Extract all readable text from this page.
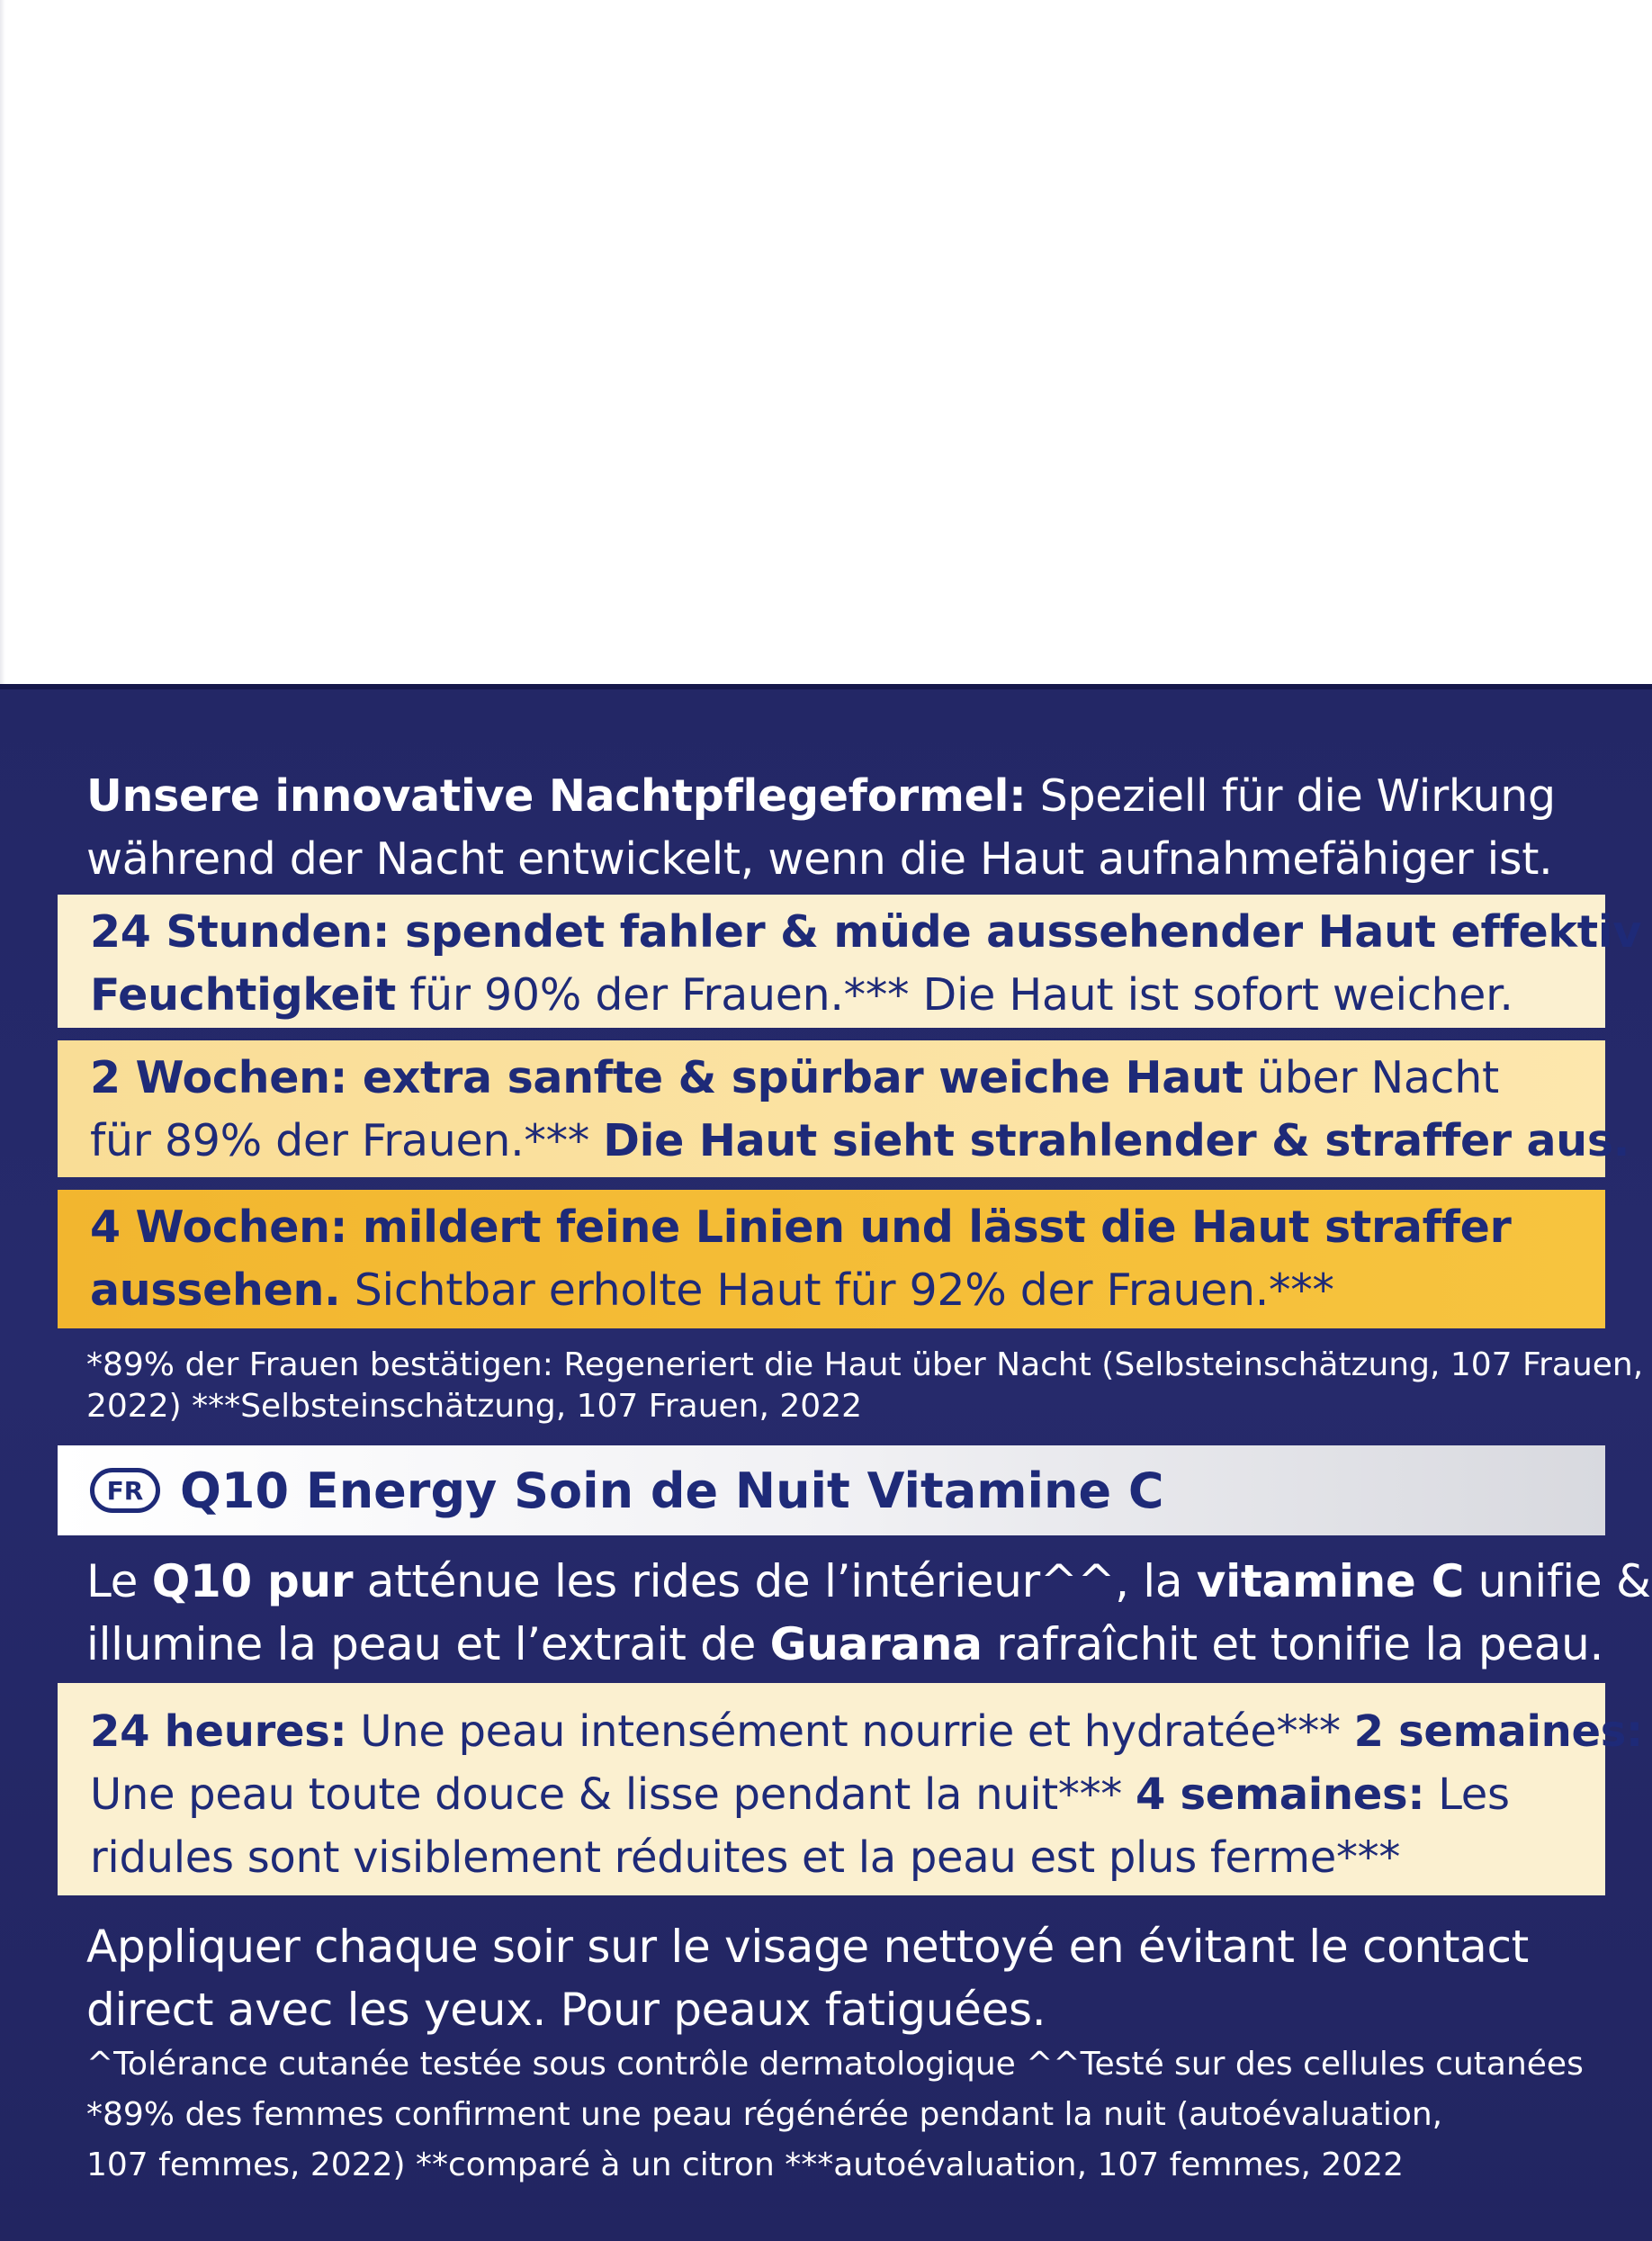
Unsere innovative Nachtpflegeformel: Speziell für die Wirkung
während der Nacht entwickelt, wenn die Haut aufnahmefähiger ist.
24 Stunden: spendet fahler & müde aussehender Haut effektiv
Feuchtigkeit für 90% der Frauen.*** Die Haut ist sofort weicher.
2 Wochen: extra sanfte & spürbar weiche Haut über Nacht
für 89% der Frauen.*** Die Haut sieht strahlender & straffer aus.
4 Wochen: mildert feine Linien und lässt die Haut straffer
aussehen. Sichtbar erholte Haut für 92% der Frauen.***
*89% der Frauen bestätigen: Regeneriert die Haut über Nacht (Selbsteinschätzung, 107 Frauen,
2022) ***Selbsteinschätzung, 107 Frauen, 2022
FR Q10 Energy Soin de Nuit Vitamine C
Le Q10 pur atténue les rides de l’intérieur^^, la vitamine C unifie &
illumine la peau et l’extrait de Guarana rafraîchit et tonifie la peau.
24 heures: Une peau intensément nourrie et hydratée*** 2 semaines:
Une peau toute douce & lisse pendant la nuit*** 4 semaines: Les
ridules sont visiblement réduites et la peau est plus ferme***
Appliquer chaque soir sur le visage nettoyé en évitant le contact
direct avec les yeux. Pour peaux fatiguées.
^Tolérance cutanée testée sous contrôle dermatologique ^^Testé sur des cellules cutanées
*89% des femmes confirment une peau régénérée pendant la nuit (autoévaluation,
107 femmes, 2022) **comparé à un citron ***autoévaluation, 107 femmes, 2022
